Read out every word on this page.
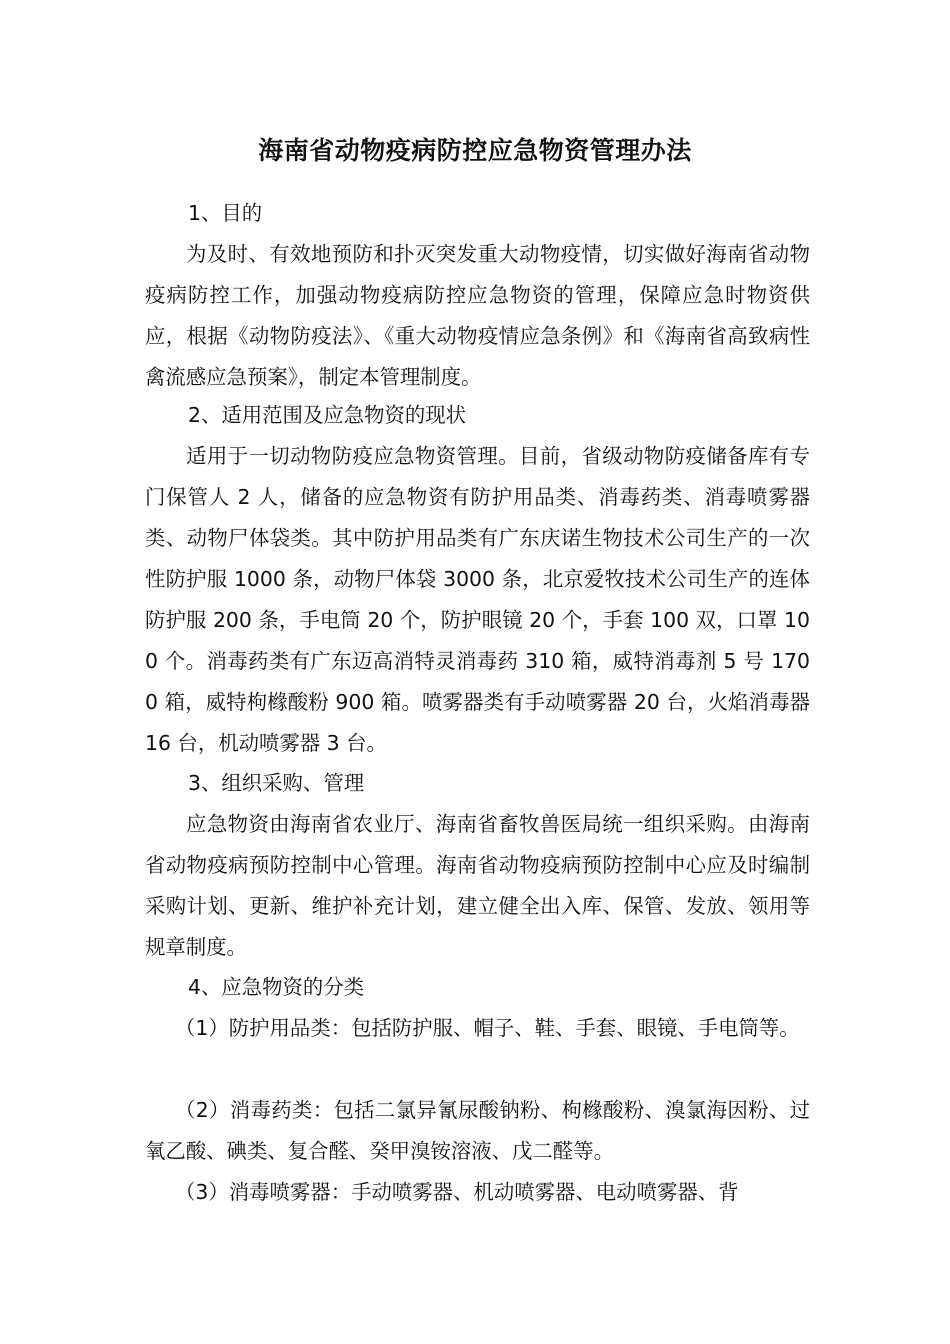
海南省动物疫病防控应急物资管理办法

1、目的

为及时、有效地预防和扑灭突发重大动物疫情，切实做好海南省动物疫病防控工作，加强动物疫病防控应急物资的管理，保障应急时物资供应，根据《动物防疫法》、《重大动物疫情应急条例》和《海南省高致病性禽流感应急预案》，制定本管理制度。

2、适用范围及应急物资的现状

适用于一切动物防疫应急物资管理。目前，省级动物防疫储备库有专门保管人 2 人，储备的应急物资有防护用品类、消毒药类、消毒喷雾器类、动物尸体袋类。其中防护用品类有广东庆诺生物技术公司生产的一次性防护服 1000 条，动物尸体袋 3000 条，北京爱牧技术公司生产的连体防护服 200 条，手电筒 20 个，防护眼镜 20 个，手套 100 双，口罩 100 个。消毒药类有广东迈高消特灵消毒药 310 箱，威特消毒剂 5 号 1700 箱，威特枸橼酸粉 900 箱。喷雾器类有手动喷雾器 20 台，火焰消毒器 16 台，机动喷雾器 3 台。

3、组织采购、管理

应急物资由海南省农业厅、海南省畜牧兽医局统一组织采购。由海南省动物疫病预防控制中心管理。海南省动物疫病预防控制中心应及时编制采购计划、更新、维护补充计划，建立健全出入库、保管、发放、领用等规章制度。

4、应急物资的分类

（1）防护用品类：包括防护服、帽子、鞋、手套、眼镜、手电筒等。

（2）消毒药类：包括二氯异氰尿酸钠粉、枸橼酸粉、溴氯海因粉、过氧乙酸、碘类、复合醛、癸甲溴铵溶液、戊二醛等。

（3）消毒喷雾器：手动喷雾器、机动喷雾器、电动喷雾器、背
